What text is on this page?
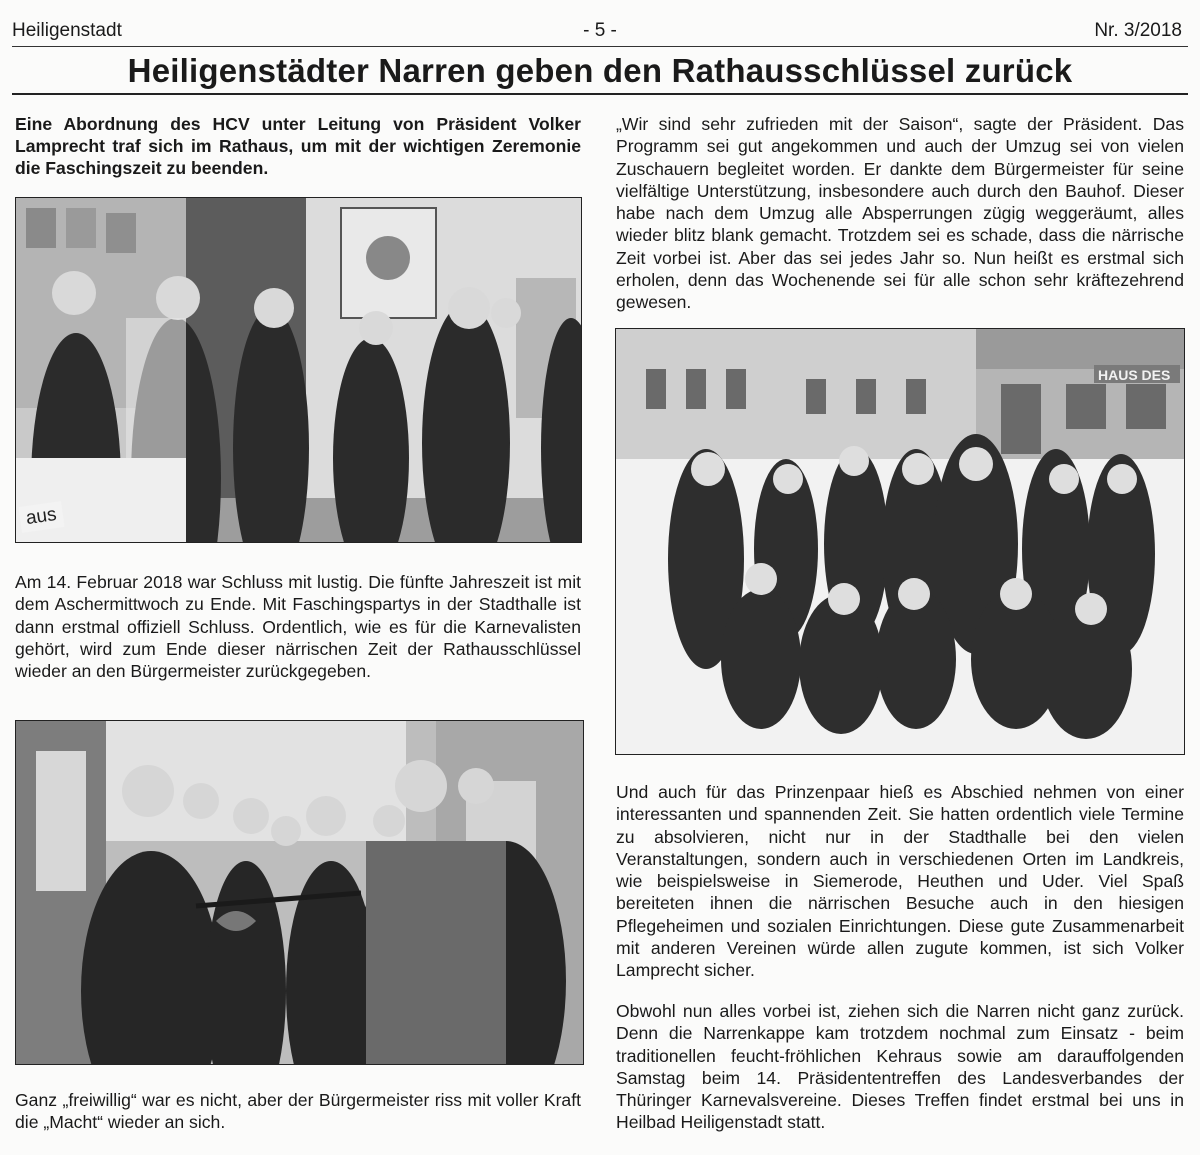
Heiligenstadt	- 5 -	Nr. 3/2018
Heiligenstädter Narren geben den Rathausschlüssel zurück

Eine Abordnung des HCV unter Leitung von Präsident Volker Lamprecht traf sich im Rathaus, um mit der wichtigen Zeremonie die Faschingszeit zu beenden.

aus

Am 14. Februar 2018 war Schluss mit lustig. Die fünfte Jahreszeit ist mit dem Aschermittwoch zu Ende. Mit Faschingspartys in der Stadthalle ist dann erstmal offiziell Schluss. Ordentlich, wie es für die Karnevalisten gehört, wird zum Ende dieser närrischen Zeit der Rathausschlüssel wieder an den Bürgermeister zurückgegeben.

Ganz „freiwillig“ war es nicht, aber der Bürgermeister riss mit voller Kraft die „Macht“ wieder an sich.

„Wir sind sehr zufrieden mit der Saison“, sagte der Präsident. Das Programm sei gut angekommen und auch der Umzug sei von vielen Zuschauern begleitet worden. Er dankte dem Bürgermeister für seine vielfältige Unterstützung, insbesondere auch durch den Bauhof. Dieser habe nach dem Umzug alle Absperrungen zügig weggeräumt, alles wieder blitz blank gemacht. Trotzdem sei es schade, dass die närrische Zeit vorbei ist. Aber das sei jedes Jahr so. Nun heißt es erstmal sich erholen, denn das Wochenende sei für alle schon sehr kräftezehrend gewesen.

HAUS DES

Und auch für das Prinzenpaar hieß es Abschied nehmen von einer interessanten und spannenden Zeit. Sie hatten ordentlich viele Termine zu absolvieren, nicht nur in der Stadthalle bei den vielen Veranstaltungen, sondern auch in verschiedenen Orten im Landkreis, wie beispielsweise in Siemerode, Heuthen und Uder. Viel Spaß bereiteten ihnen die närrischen Besuche auch in den hiesigen Pflegeheimen und sozialen Einrichtungen. Diese gute Zusammenarbeit mit anderen Vereinen würde allen zugute kommen, ist sich Volker Lamprecht sicher.

Obwohl nun alles vorbei ist, ziehen sich die Narren nicht ganz zurück. Denn die Narrenkappe kam trotzdem nochmal zum Einsatz - beim traditionellen feucht-fröhlichen Kehraus sowie am darauffolgenden Samstag beim 14. Präsidententreffen des Landesverbandes der Thüringer Karnevalsvereine. Dieses Treffen findet erstmal bei uns in Heilbad Heiligenstadt statt.
